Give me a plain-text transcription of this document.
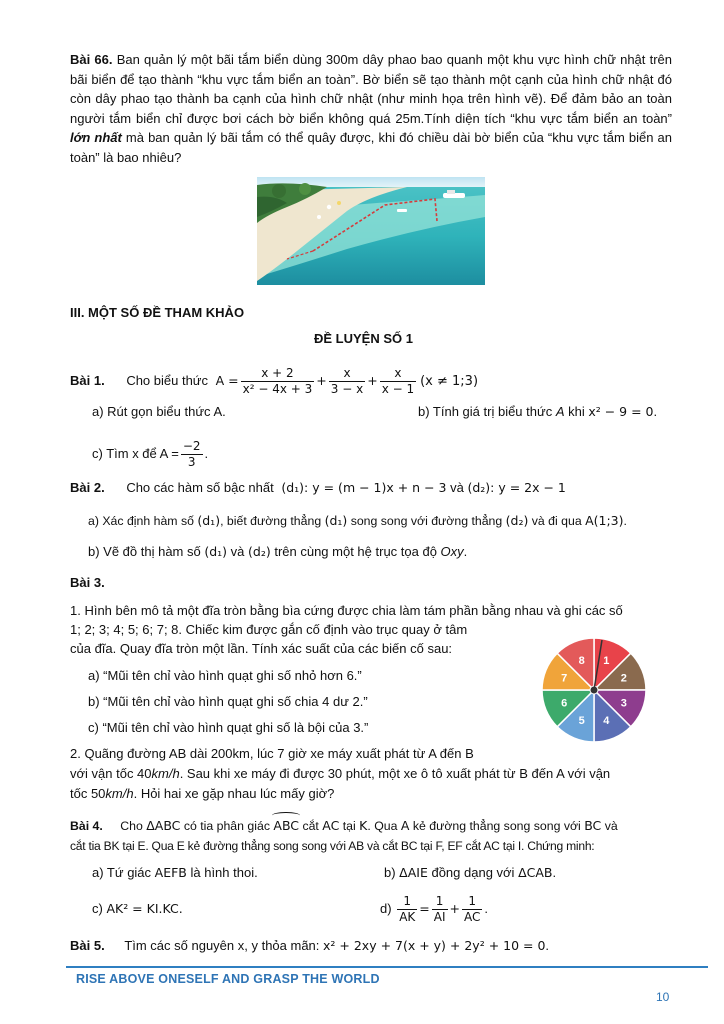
Bài 66. Ban quản lý một bãi tắm biển dùng 300m dây phao bao quanh một khu vực hình chữ nhật trên bãi biển để tạo thành “khu vực tắm biển an toàn”. Bờ biển sẽ tạo thành một cạnh của hình chữ nhật đó còn dây phao tạo thành ba cạnh của hình chữ nhật (như minh họa trên hình vẽ). Để đảm bảo an toàn người tắm biển chỉ được bơi cách bờ biển không quá 25m.Tính diện tích “khu vực tắm biển an toàn” lớn nhất mà ban quản lý bãi tắm có thể quây được, khi đó chiều dài bờ biển của “khu vực tắm biển an toàn” là bao nhiêu?
III. MỘT SỐ ĐỀ THAM KHẢO
ĐỀ LUYỆN SỐ 1
Bài 1. Cho biểu thức $A = \frac{x + 2}{\text{x² − 4x + 3}} + \frac{x}{3 - x} + \frac{x}{x - 1} (x$ ≠ 1;3)
a) Rút gọn biểu thức A.	b) Tính giá trị biểu thức A khi x² − 9 = 0.
c) Tìm x để $A = \frac{-2}{3}$ .
Bài 2. Cho các hàm số bậc nhất (d₁): y = (m − 1)x + n − 3 và (d₂): y = 2x − 1
a) Xác định hàm số (d₁), biết đường thẳng (d₁) song song với đường thẳng (d₂) và đi qua A(1;3).
b) Vẽ đồ thị hàm số (d₁) và (d₂) trên cùng một hệ trục tọa độ Oxy.
Bài 3.
1. Hình bên mô tả một đĩa tròn bằng bìa cứng được chia làm tám phần bằng nhau và ghi các số
1; 2; 3; 4; 5; 6; 7; 8. Chiếc kim được gắn cố định vào trục quay ở tâm
của đĩa. Quay đĩa tròn một lần. Tính xác suất của các biến cố sau:
a) “Mũi tên chỉ vào hình quạt ghi số nhỏ hơn 6.”
b) “Mũi tên chỉ vào hình quạt ghi số chia 4 dư 2.”
c) “Mũi tên chỉ vào hình quạt ghi số là bội của 3.”
2. Quãng đường AB dài 200km, lúc 7 giờ xe máy xuất phát từ A đến B
với vận tốc 40km/h. Sau khi xe máy đi được 30 phút, một xe ô tô xuất phát từ B đến A với vận
tốc 50km/h. Hỏi hai xe gặp nhau lúc mấy giờ?
1
2
3
4
5
6
7
8
Bài 4. Cho ΔABC có tia phân giác ABC cắt AC tại K. Qua A kẻ đường thẳng song song với BC và
cắt tia BK tại E. Qua E kẻ đường thẳng song song với AB và cắt BC tại F, EF cắt AC tại I. Chứng minh:
a) Tứ giác AEFB là hình thoi.	b) ΔAIE đồng dạng với ΔCAB.
c) AK² = KI.KC.	$d) \frac{1}{AK} = \frac{1}{AI} + \frac{1}{AC}$ .
Bài 5. Tìm các số nguyên x, y thỏa mãn: x² + 2xy + 7(x + y) + 2y² + 10 = 0.
RISE ABOVE ONESELF AND GRASP THE WORLD
10
